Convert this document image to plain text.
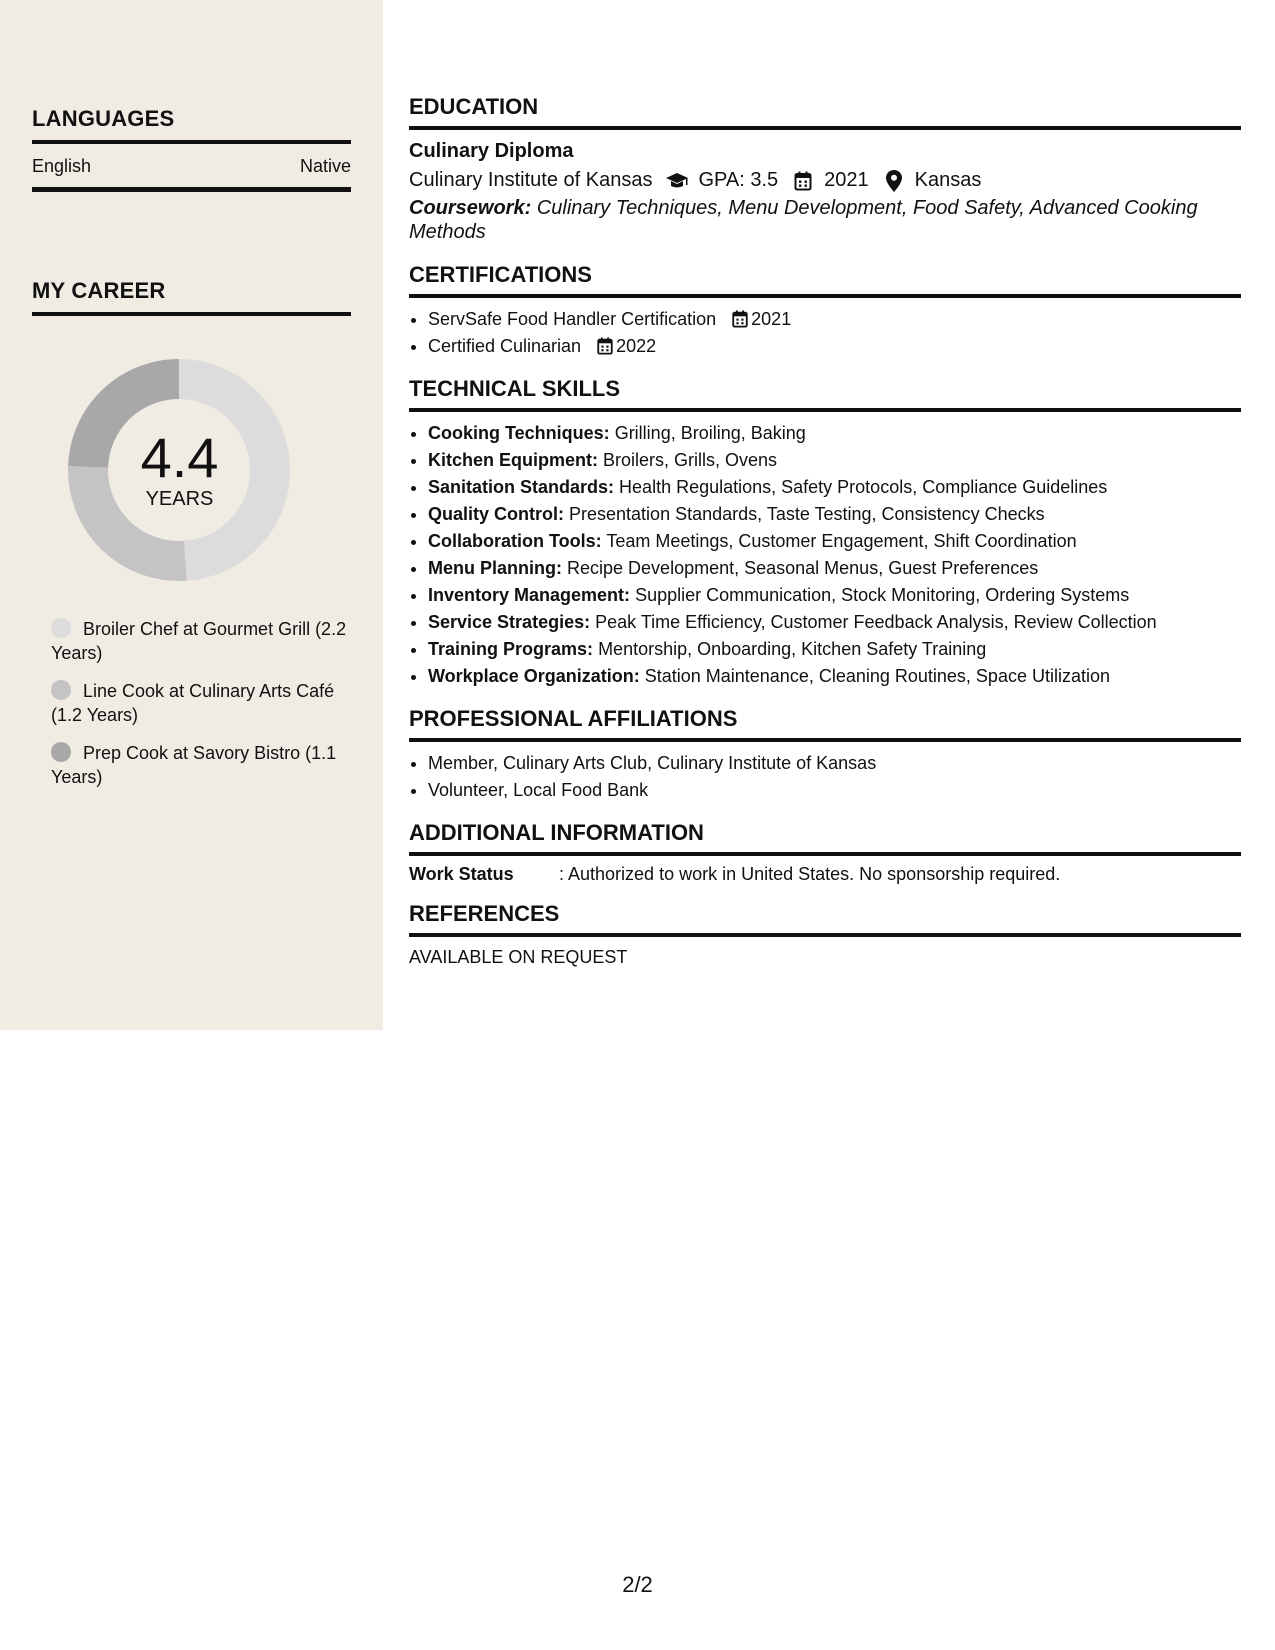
LANGUAGES
English	Native
MY CAREER
4.4
YEARS
Broiler Chef at Gourmet Grill (2.2 Years)
Line Cook at Culinary Arts Café (1.2 Years)
Prep Cook at Savory Bistro (1.1 Years)
EDUCATION
Culinary Diploma
Culinary Institute of Kansas GPA: 3.5 2021 Kansas
Coursework: Culinary Techniques, Menu Development, Food Safety, Advanced Cooking Methods
CERTIFICATIONS
• ServSafe Food Handler Certification 2021
• Certified Culinarian 2022
TECHNICAL SKILLS
• Cooking Techniques: Grilling, Broiling, Baking
• Kitchen Equipment: Broilers, Grills, Ovens
• Sanitation Standards: Health Regulations, Safety Protocols, Compliance Guidelines
• Quality Control: Presentation Standards, Taste Testing, Consistency Checks
• Collaboration Tools: Team Meetings, Customer Engagement, Shift Coordination
• Menu Planning: Recipe Development, Seasonal Menus, Guest Preferences
• Inventory Management: Supplier Communication, Stock Monitoring, Ordering Systems
• Service Strategies: Peak Time Efficiency, Customer Feedback Analysis, Review Collection
• Training Programs: Mentorship, Onboarding, Kitchen Safety Training
• Workplace Organization: Station Maintenance, Cleaning Routines, Space Utilization
PROFESSIONAL AFFILIATIONS
• Member, Culinary Arts Club, Culinary Institute of Kansas
• Volunteer, Local Food Bank
ADDITIONAL INFORMATION
Work Status	: Authorized to work in United States. No sponsorship required.
REFERENCES
AVAILABLE ON REQUEST
2/2
